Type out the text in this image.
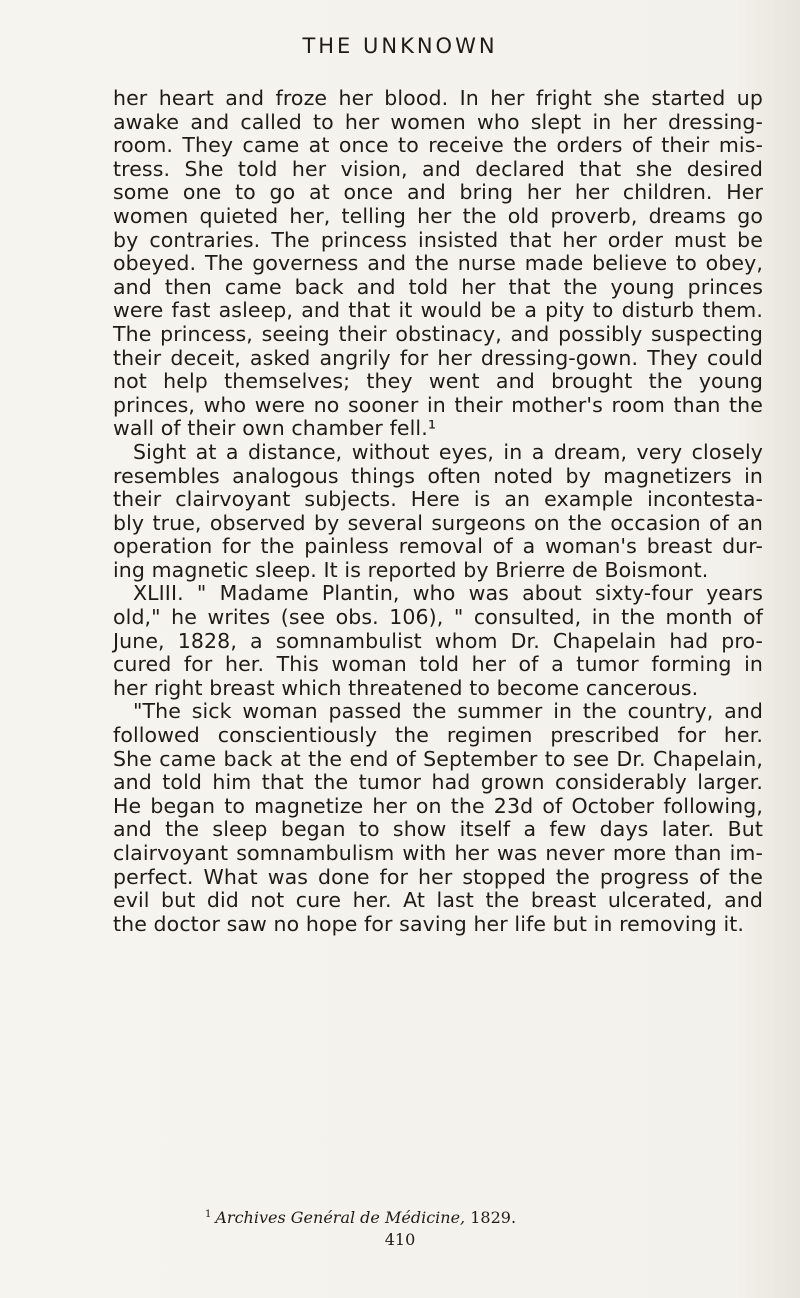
THE UNKNOWN
her heart and froze her blood. In her fright she started up
awake and called to her women who slept in her dressing-
room. They came at once to receive the orders of their mis-
tress. She told her vision, and declared that she desired
some one to go at once and bring her her children. Her
women quieted her, telling her the old proverb, dreams go
by contraries. The princess insisted that her order must be
obeyed. The governess and the nurse made believe to obey,
and then came back and told her that the young princes
were fast asleep, and that it would be a pity to disturb them.
The princess, seeing their obstinacy, and possibly suspecting
their deceit, asked angrily for her dressing-gown. They could
not help themselves; they went and brought the young
princes, who were no sooner in their mother's room than the
wall of their own chamber fell.¹
Sight at a distance, without eyes, in a dream, very closely
resembles analogous things often noted by magnetizers in
their clairvoyant subjects. Here is an example incontesta-
bly true, observed by several surgeons on the occasion of an
operation for the painless removal of a woman's breast dur-
ing magnetic sleep. It is reported by Brierre de Boismont.
XLIII. " Madame Plantin, who was about sixty-four years
old," he writes (see obs. 106), " consulted, in the month of
June, 1828, a somnambulist whom Dr. Chapelain had pro-
cured for her. This woman told her of a tumor forming in
her right breast which threatened to become cancerous.
"The sick woman passed the summer in the country, and
followed conscientiously the regimen prescribed for her.
She came back at the end of September to see Dr. Chapelain,
and told him that the tumor had grown considerably larger.
He began to magnetize her on the 23d of October following,
and the sleep began to show itself a few days later. But
clairvoyant somnambulism with her was never more than im-
perfect. What was done for her stopped the progress of the
evil but did not cure her. At last the breast ulcerated, and
the doctor saw no hope for saving her life but in removing it.
$^1$ Archives Genéral de Médicine, 1829.
410
